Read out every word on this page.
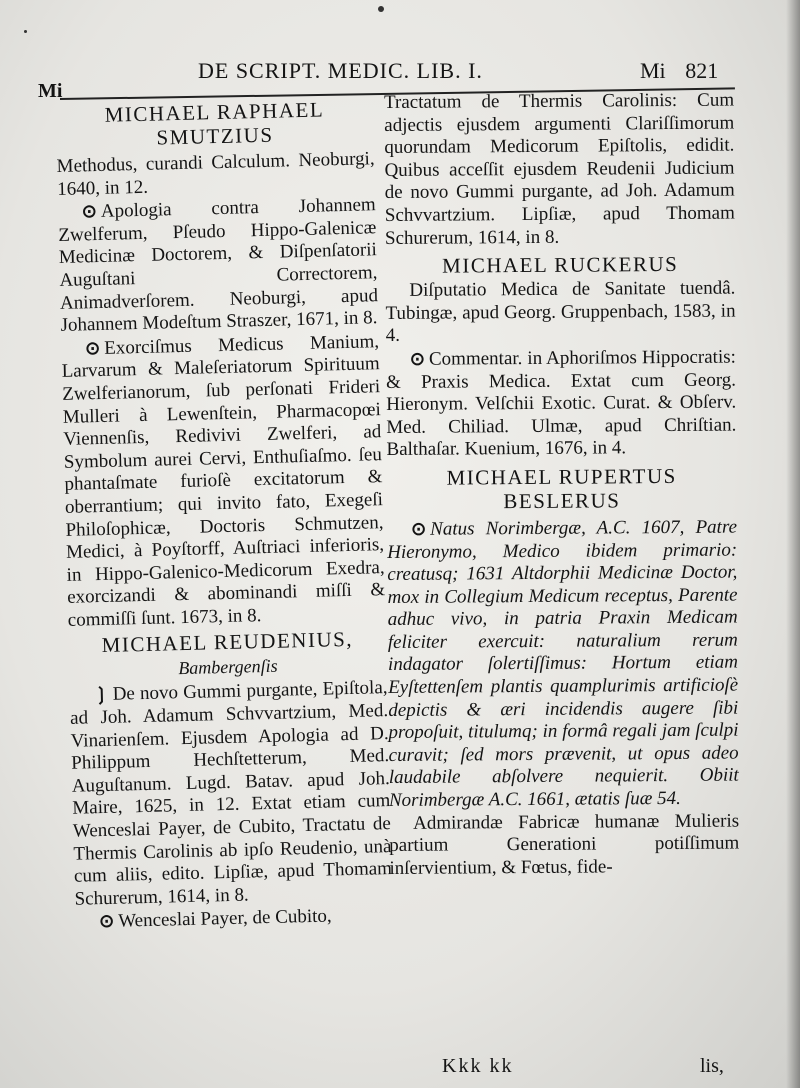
Mi
DE SCRIPT. MEDIC. LIB. I.	Mi 821
MICHAEL RAPHAEL
SMUTZIUS

Methodus, curandi Calculum. Neoburgi, 1640, in 12.

⊙ Apologia contra Johannem Zwelferum, Pſeudo Hippo-Galenicæ Medicinæ Doctorem, & Diſpenſatorii Auguſtani Correctorem, Animadverſorem. Neoburgi, apud Johannem Modeſtum Straszer, 1671, in 8.

⊙ Exorciſmus Medicus Manium, Larvarum & Maleſeriatorum Spirituum Zwelferianorum, ſub perſonati Frideri Mulleri à Lewenſtein, Pharmacopœi Viennenſis, Redivivi Zwelferi, ad Symbolum aurei Cervi, Enthuſiaſmo. ſeu phantaſmate furioſè excitatorum & oberrantium; qui invito fato, Exegeſi Philoſophicæ, Doctoris Schmutzen, Medici, à Poyſtorff, Auſtriaci inferioris, in Hippo-Galenico-Medicorum Exedra, exorcizandi & abominandi miſſi & commiſſi ſunt. 1673, in 8.

MICHAEL REUDENIUS,
Bambergenſis

❳ De novo Gummi purgante, Epiſtola, ad Joh. Adamum Schvvartzium, Med. Vinarienſem. Ejusdem Apologia ad D. Philippum Hechſtetterum, Med. Auguſtanum. Lugd. Batav. apud Joh. Maire, 1625, in 12. Extat etiam cum Wenceslai Payer, de Cubito, Tractatu de Thermis Carolinis ab ipſo Reudenio, unà cum aliis, edito. Lipſiæ, apud Thomam Schurerum, 1614, in 8.

⊙ Wenceslai Payer, de Cubito,

Tractatum de Thermis Carolinis: Cum adjectis ejusdem argumenti Clariſſimorum quorundam Medicorum Epiſtolis, edidit. Quibus acceſſit ejusdem Reudenii Judicium de novo Gummi purgante, ad Joh. Adamum Schvvartzium. Lipſiæ, apud Thomam Schurerum, 1614, in 8.

MICHAEL RUCKERUS

Diſputatio Medica de Sanitate tuendâ. Tubingæ, apud Georg. Gruppenbach, 1583, in 4.

⊙ Commentar. in Aphoriſmos Hippocratis: & Praxis Medica. Extat cum Georg. Hieronym. Velſchii Exotic. Curat. & Obſerv. Med. Chiliad. Ulmæ, apud Chriſtian. Balthaſar. Kuenium, 1676, in 4.

MICHAEL RUPERTUS
BESLERUS

⊙ Natus Norimbergæ, A.C. 1607, Patre Hieronymo, Medico ibidem primario: creatusq; 1631 Altdorphii Medicinæ Doctor, mox in Collegium Medicum receptus, Parente adhuc vivo, in patria Praxin Medicam feliciter exercuit: naturalium rerum indagator ſolertiſſimus: Hortum etiam Eyſtettenſem plantis quamplurimis artificioſè depictis & æri incidendis augere ſibi propoſuit, titulumq; in formâ regali jam ſculpi curavit; ſed mors prævenit, ut opus adeo laudabile abſolvere nequierit. Obiit Norimbergæ A.C. 1661, ætatis ſuæ 54.

Admirandæ Fabricæ humanæ Mulieris partium Generationi potiſſimum inſervientium, & Fœtus, fide-

Kkk kk	lis,
